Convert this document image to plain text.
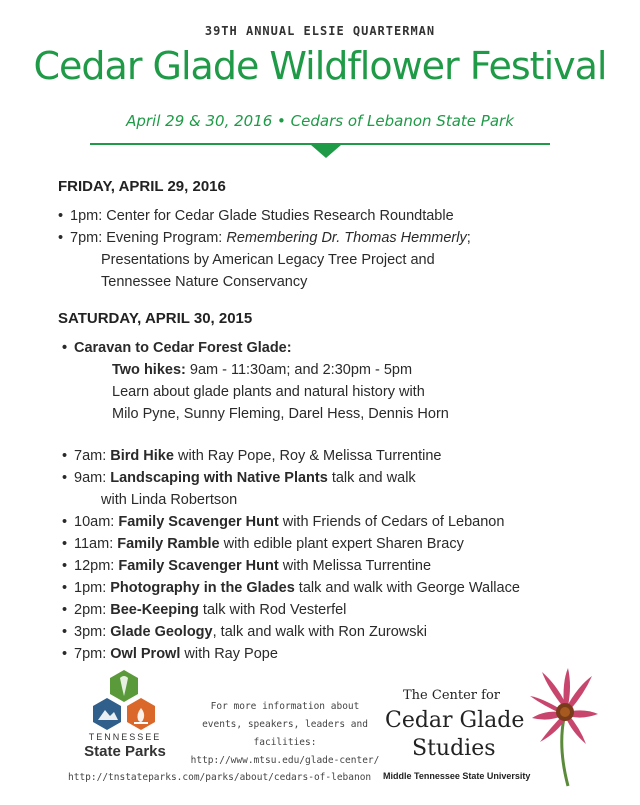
39TH ANNUAL ELSIE QUARTERMAN
Cedar Glade Wildflower Festival
April 29 & 30, 2016 • Cedars of Lebanon State Park
FRIDAY, APRIL 29, 2016
• 1pm: Center for Cedar Glade Studies Research Roundtable
• 7pm: Evening Program: Remembering Dr. Thomas Hemmerly;
Presentations by American Legacy Tree Project and
Tennessee Nature Conservancy
SATURDAY, APRIL 30, 2015
• Caravan to Cedar Forest Glade:
Two hikes: 9am - 11:30am; and 2:30pm - 5pm
Learn about glade plants and natural history with
Milo Pyne, Sunny Fleming, Darel Hess, Dennis Horn
• 7am: Bird Hike with Ray Pope, Roy & Melissa Turrentine
• 9am: Landscaping with Native Plants talk and walk
with Linda Robertson
• 10am: Family Scavenger Hunt with Friends of Cedars of Lebanon
• 11am: Family Ramble with edible plant expert Sharen Bracy
• 12pm: Family Scavenger Hunt with Melissa Turrentine
• 1pm: Photography in the Glades talk and walk with George Wallace
• 2pm: Bee-Keeping talk with Rod Vesterfel
• 3pm: Glade Geology, talk and walk with Ron Zurowski
• 7pm: Owl Prowl with Ray Pope
TENNESSEE
State Parks
http://tnstateparks.com/parks/about/cedars-of-lebanon
For more information about
events, speakers, leaders and facilities:
http://www.mtsu.edu/glade-center/
The Center for
Cedar Glade
Studies
Middle Tennessee State University
